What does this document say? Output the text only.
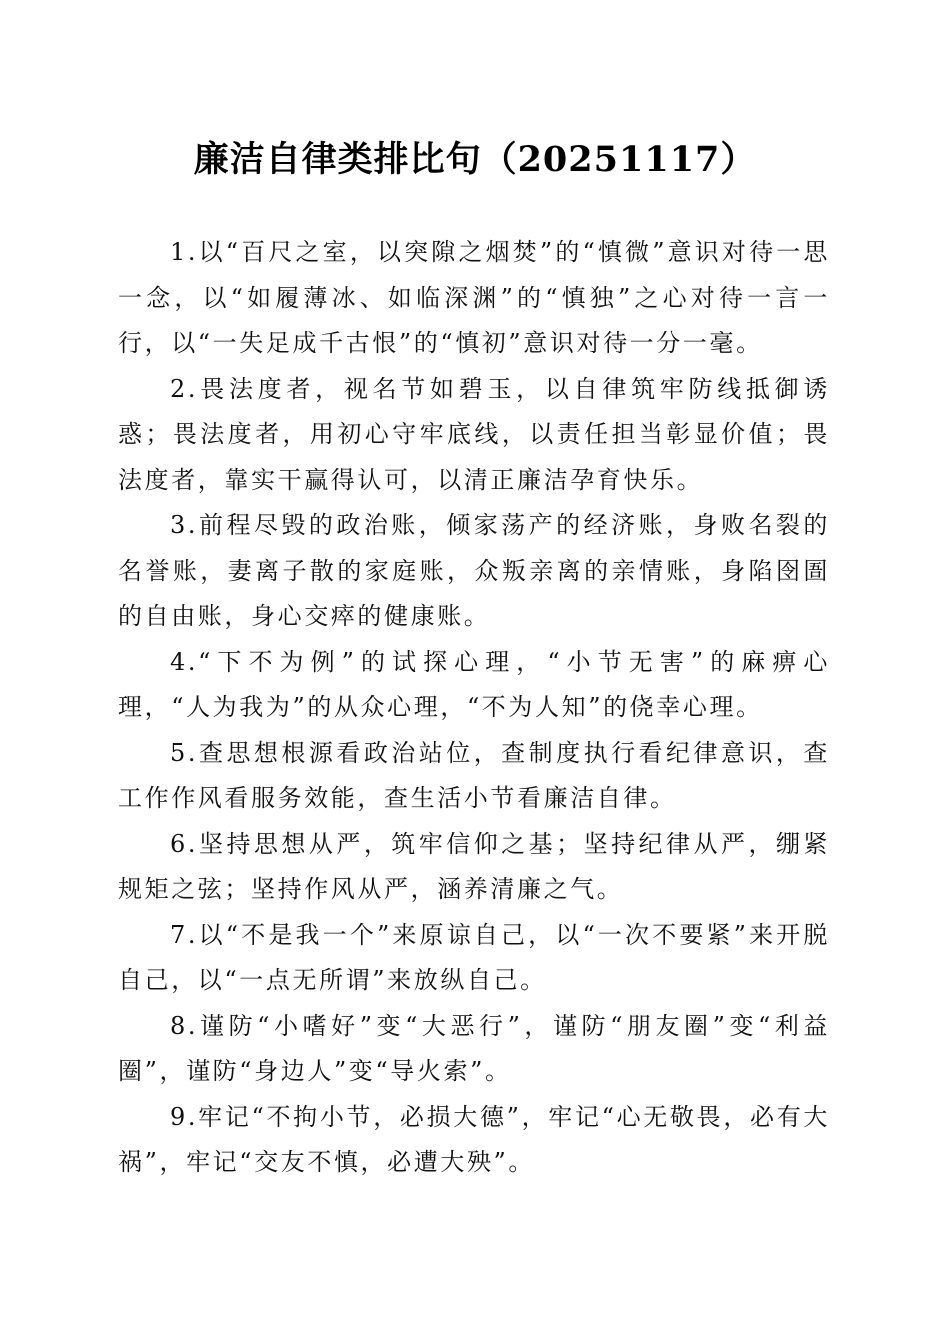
廉洁自律类排比句（20251117）

1.以“百尺之室，以突隙之烟焚”的“慎微”意识对待一思一念，以“如履薄冰、如临深渊”的“慎独”之心对待一言一行，以“一失足成千古恨”的“慎初”意识对待一分一毫。

2.畏法度者，视名节如碧玉，以自律筑牢防线抵御诱惑；畏法度者，用初心守牢底线，以责任担当彰显价值；畏法度者，靠实干赢得认可，以清正廉洁孕育快乐。

3.前程尽毁的政治账，倾家荡产的经济账，身败名裂的名誉账，妻离子散的家庭账，众叛亲离的亲情账，身陷囹圄的自由账，身心交瘁的健康账。

4.“下不为例”的试探心理，“小节无害”的麻痹心理，“人为我为”的从众心理，“不为人知”的侥幸心理。

5.查思想根源看政治站位，查制度执行看纪律意识，查工作作风看服务效能，查生活小节看廉洁自律。

6.坚持思想从严，筑牢信仰之基；坚持纪律从严，绷紧规矩之弦；坚持作风从严，涵养清廉之气。

7.以“不是我一个”来原谅自己，以“一次不要紧”来开脱自己，以“一点无所谓”来放纵自己。

8.谨防“小嗜好”变“大恶行”，谨防“朋友圈”变“利益圈”，谨防“身边人”变“导火索”。

9.牢记“不拘小节，必损大德”，牢记“心无敬畏，必有大祸”，牢记“交友不慎，必遭大殃”。
